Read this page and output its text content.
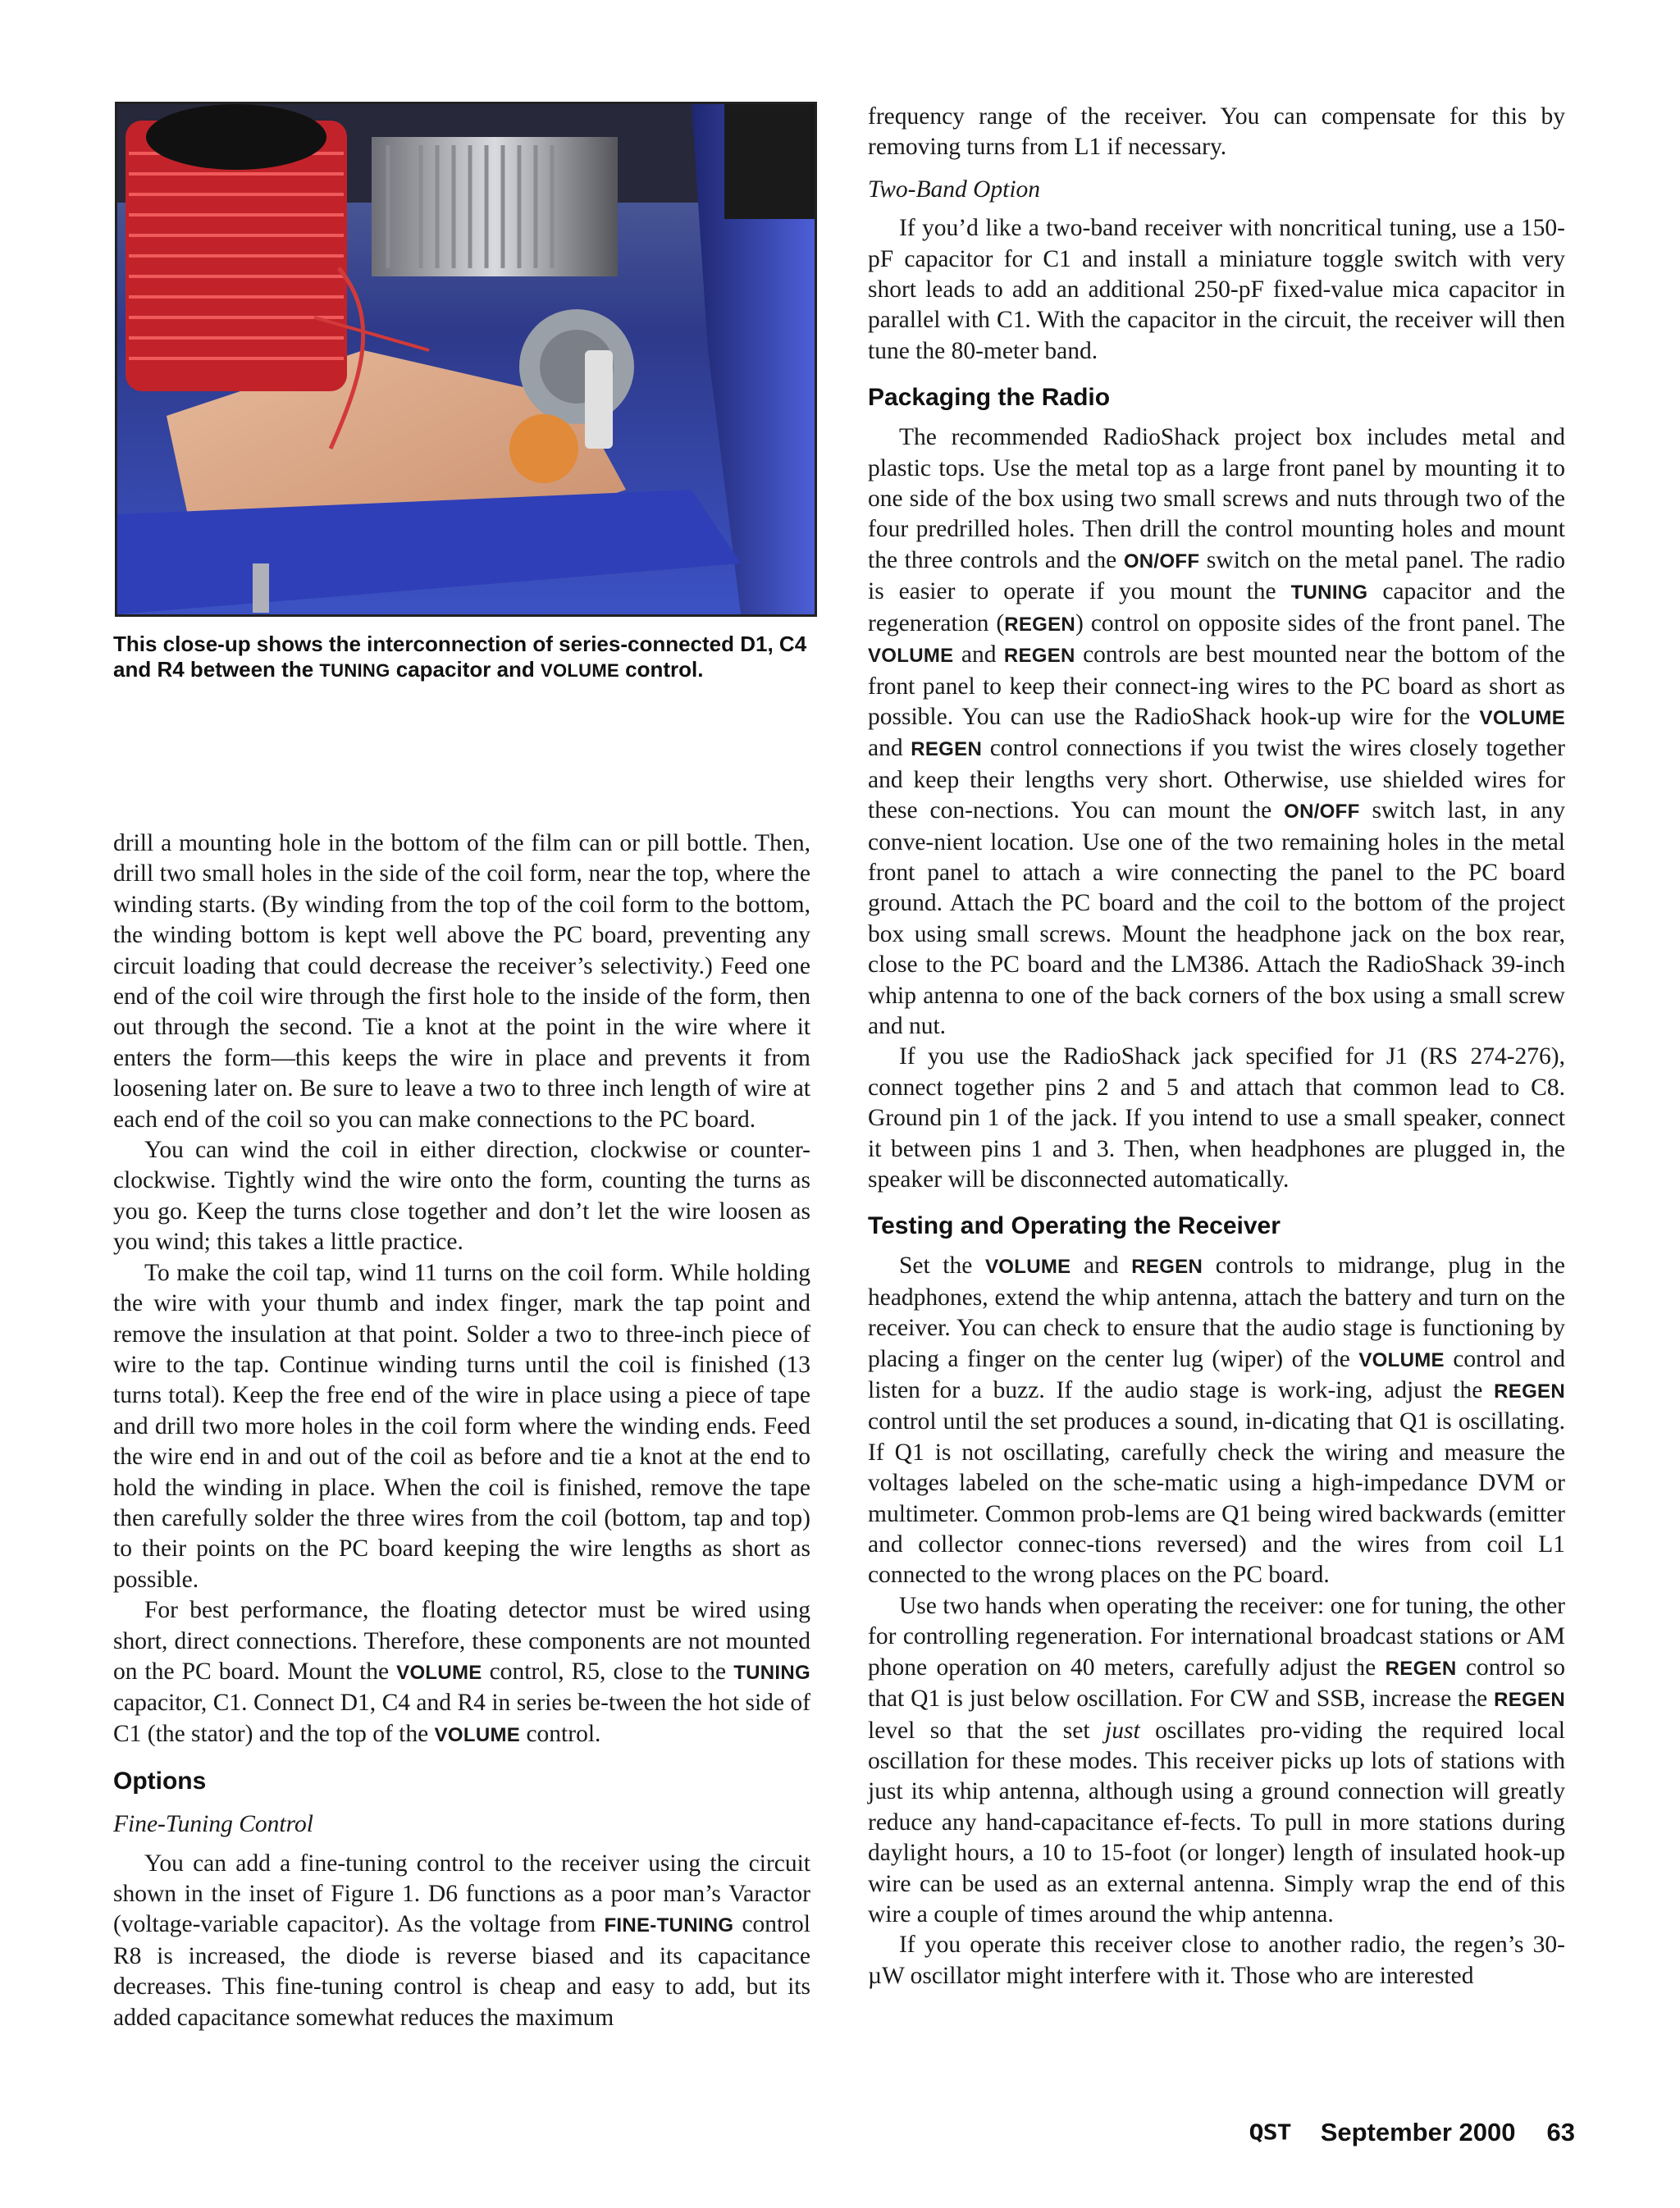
This close-up shows the interconnection of series-connected D1, C4 and R4 between the TUNING capacitor and VOLUME control.

drill a mounting hole in the bottom of the film can or pill bottle. Then, drill two small holes in the side of the coil form, near the top, where the winding starts. (By winding from the top of the coil form to the bottom, the winding bottom is kept well above the PC board, preventing any circuit loading that could decrease the receiver’s selectivity.) Feed one end of the coil wire through the first hole to the inside of the form, then out through the second. Tie a knot at the point in the wire where it enters the form—this keeps the wire in place and prevents it from loosening later on. Be sure to leave a two to three inch length of wire at each end of the coil so you can make connections to the PC board.

You can wind the coil in either direction, clockwise or counter-clockwise. Tightly wind the wire onto the form, counting the turns as you go. Keep the turns close together and don’t let the wire loosen as you wind; this takes a little practice.

To make the coil tap, wind 11 turns on the coil form. While holding the wire with your thumb and index finger, mark the tap point and remove the insulation at that point. Solder a two to three-inch piece of wire to the tap. Continue winding turns until the coil is finished (13 turns total). Keep the free end of the wire in place using a piece of tape and drill two more holes in the coil form where the winding ends. Feed the wire end in and out of the coil as before and tie a knot at the end to hold the winding in place. When the coil is finished, remove the tape then carefully solder the three wires from the coil (bottom, tap and top) to their points on the PC board keeping the wire lengths as short as possible.

For best performance, the floating detector must be wired using short, direct connections. Therefore, these components are not mounted on the PC board. Mount the VOLUME control, R5, close to the TUNING capacitor, C1. Connect D1, C4 and R4 in series be-tween the hot side of C1 (the stator) and the top of the VOLUME control.

Options
Fine-Tuning Control

You can add a fine-tuning control to the receiver using the circuit shown in the inset of Figure 1. D6 functions as a poor man’s Varactor (voltage-variable capacitor). As the voltage from FINE-TUNING control R8 is increased, the diode is reverse biased and its capacitance decreases. This fine-tuning control is cheap and easy to add, but its added capacitance somewhat reduces the maximum

frequency range of the receiver. You can compensate for this by removing turns from L1 if necessary.

Two-Band Option

If you’d like a two-band receiver with noncritical tuning, use a 150-pF capacitor for C1 and install a miniature toggle switch with very short leads to add an additional 250-pF fixed-value mica capacitor in parallel with C1. With the capacitor in the circuit, the receiver will then tune the 80-meter band.

Packaging the Radio

The recommended RadioShack project box includes metal and plastic tops. Use the metal top as a large front panel by mounting it to one side of the box using two small screws and nuts through two of the four predrilled holes. Then drill the control mounting holes and mount the three controls and the ON/OFF switch on the metal panel. The radio is easier to operate if you mount the TUNING capacitor and the regeneration (REGEN) control on opposite sides of the front panel. The VOLUME and REGEN controls are best mounted near the bottom of the front panel to keep their connect-ing wires to the PC board as short as possible. You can use the RadioShack hook-up wire for the VOLUME and REGEN control connections if you twist the wires closely together and keep their lengths very short. Otherwise, use shielded wires for these con-nections. You can mount the ON/OFF switch last, in any conve-nient location. Use one of the two remaining holes in the metal front panel to attach a wire connecting the panel to the PC board ground. Attach the PC board and the coil to the bottom of the project box using small screws. Mount the headphone jack on the box rear, close to the PC board and the LM386. Attach the RadioShack 39-inch whip antenna to one of the back corners of the box using a small screw and nut.

If you use the RadioShack jack specified for J1 (RS 274-276), connect together pins 2 and 5 and attach that common lead to C8. Ground pin 1 of the jack. If you intend to use a small speaker, connect it between pins 1 and 3. Then, when headphones are plugged in, the speaker will be disconnected automatically.

Testing and Operating the Receiver

Set the VOLUME and REGEN controls to midrange, plug in the headphones, extend the whip antenna, attach the battery and turn on the receiver. You can check to ensure that the audio stage is functioning by placing a finger on the center lug (wiper) of the VOLUME control and listen for a buzz. If the audio stage is work-ing, adjust the REGEN control until the set produces a sound, in-dicating that Q1 is oscillating. If Q1 is not oscillating, carefully check the wiring and measure the voltages labeled on the sche-matic using a high-impedance DVM or multimeter. Common prob-lems are Q1 being wired backwards (emitter and collector connec-tions reversed) and the wires from coil L1 connected to the wrong places on the PC board.

Use two hands when operating the receiver: one for tuning, the other for controlling regeneration. For international broadcast stations or AM phone operation on 40 meters, carefully adjust the REGEN control so that Q1 is just below oscillation. For CW and SSB, increase the REGEN level so that the set just oscillates pro-viding the required local oscillation for these modes. This receiver picks up lots of stations with just its whip antenna, although using a ground connection will greatly reduce any hand-capacitance ef-fects. To pull in more stations during daylight hours, a 10 to 15-foot (or longer) length of insulated hook-up wire can be used as an external antenna. Simply wrap the end of this wire a couple of times around the whip antenna.

If you operate this receiver close to another radio, the regen’s 30-µW oscillator might interfere with it. Those who are interested

QST September 2000 63
